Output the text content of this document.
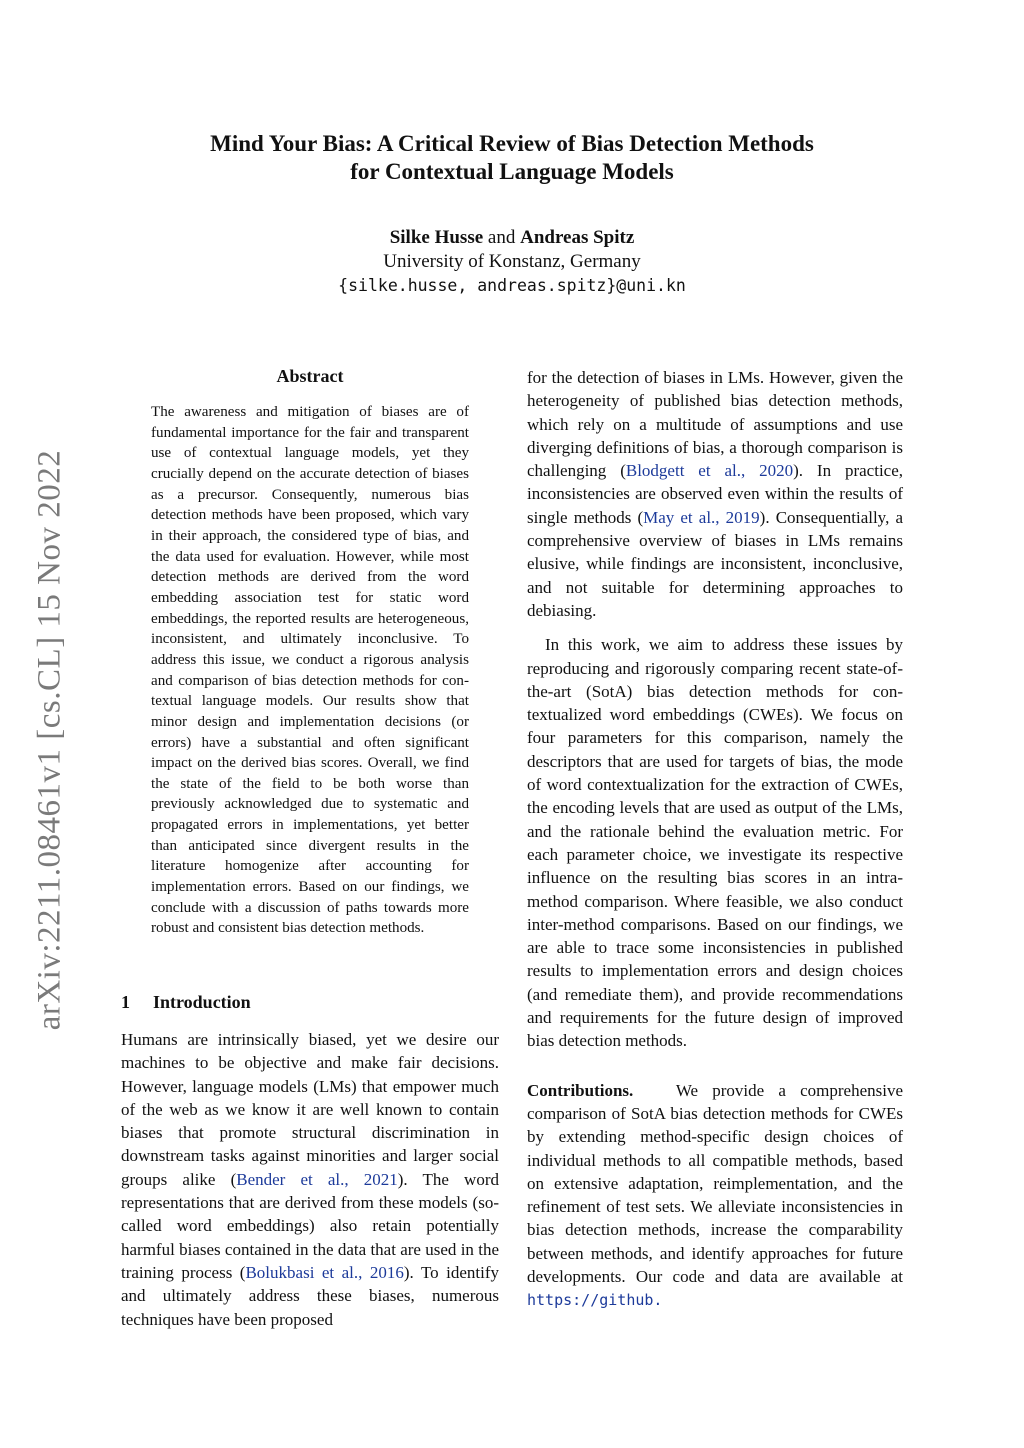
Mind Your Bias: A Critical Review of Bias Detection Methods
for Contextual Language Models
Silke Husse and Andreas Spitz
University of Konstanz, Germany
{silke.husse, andreas.spitz}@uni.kn
arXiv:2211.08461v1 [cs.CL] 15 Nov 2022
Abstract
The awareness and mitigation of biases are of fundamental importance for the fair and transparent use of contextual language models, yet they crucially depend on the accurate detection of biases as a precursor. Consequently, numerous bias detection methods have been proposed, which vary in their approach, the considered type of bias, and the data used for evaluation. However, while most detection methods are derived from the word embedding association test for static word embeddings, the reported results are heterogeneous, inconsistent, and ultimately inconclusive. To address this issue, we conduct a rigorous analysis and comparison of bias detection methods for contextual language models. Our results show that minor design and implementation decisions (or errors) have a substantial and often significant impact on the derived bias scores. Overall, we find the state of the field to be both worse than previously acknowledged due to systematic and propagated errors in implementations, yet better than anticipated since divergent results in the literature homogenize after accounting for implementation errors. Based on our findings, we conclude with a discussion of paths towards more robust and consistent bias detection methods.
1 Introduction

Humans are intrinsically biased, yet we desire our machines to be objective and make fair decisions. However, language models (LMs) that empower much of the web as we know it are well known to contain biases that promote structural discrimination in downstream tasks against minorities and larger social groups alike (Bender et al., 2021). The word representations that are derived from these models (so-called word embeddings) also retain potentially harmful biases contained in the data that are used in the training process (Bolukbasi et al., 2016). To identify and ultimately address these biases, numerous techniques have been proposed

for the detection of biases in LMs. However, given the heterogeneity of published bias detection methods, which rely on a multitude of assumptions and use diverging definitions of bias, a thorough comparison is challenging (Blodgett et al., 2020). In practice, inconsistencies are observed even within the results of single methods (May et al., 2019). Consequentially, a comprehensive overview of biases in LMs remains elusive, while findings are inconsistent, inconclusive, and not suitable for determining approaches to debiasing.

In this work, we aim to address these issues by reproducing and rigorously comparing recent state-of-the-art (SotA) bias detection methods for contextualized word embeddings (CWEs). We focus on four parameters for this comparison, namely the descriptors that are used for targets of bias, the mode of word contextualization for the extraction of CWEs, the encoding levels that are used as output of the LMs, and the rationale behind the evaluation metric. For each parameter choice, we investigate its respective influence on the resulting bias scores in an intra-method comparison. Where feasible, we also conduct inter-method comparisons. Based on our findings, we are able to trace some inconsistencies in published results to implementation errors and design choices (and remediate them), and provide recommendations and requirements for the future design of improved bias detection methods.

Contributions.	We provide a comprehensive comparison of SotA bias detection methods for CWEs by extending method-specific design choices of individual methods to all compatible methods, based on extensive adaptation, reimplementation, and the refinement of test sets. We alleviate inconsistencies in bias detection methods, increase the comparability between methods, and identify approaches for future developments. Our code and data are available at https://github.
